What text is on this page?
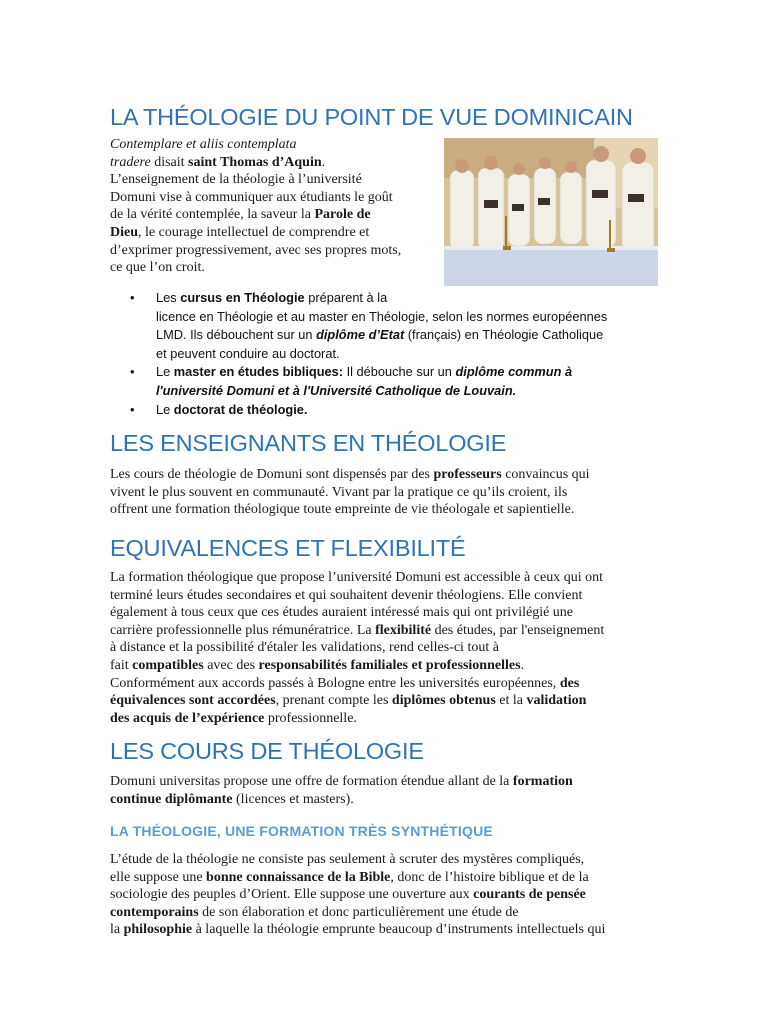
LA THÉOLOGIE DU POINT DE VUE DOMINICAIN

Contemplare et aliis contemplata

tradere disait saint Thomas d’Aquin.

L’enseignement de la théologie à l’université

Domuni vise à communiquer aux étudiants le goût

de la vérité contemplée, la saveur la Parole de

Dieu, le courage intellectuel de comprendre et

d’exprimer progressivement, avec ses propres mots,

ce que l’on croit.

• Les cursus en Théologie préparent à la
licence en Théologie et au master en Théologie, selon les normes européennes
LMD. Ils débouchent sur un diplôme d’Etat (français) en Théologie Catholique
et peuvent conduire au doctorat.
• Le master en études bibliques: Il débouche sur un diplôme commun à
l'université Domuni et à l'Université Catholique de Louvain.
• Le doctorat de théologie.
LES ENSEIGNANTS EN THÉOLOGIE

Les cours de théologie de Domuni sont dispensés par des professeurs convaincus qui

vivent le plus souvent en communauté. Vivant par la pratique ce qu’ils croient, ils

offrent une formation théologique toute empreinte de vie théologale et sapientielle.

EQUIVALENCES ET FLEXIBILITÉ

La formation théologique que propose l’université Domuni est accessible à ceux qui ont

terminé leurs études secondaires et qui souhaitent devenir théologiens. Elle convient

également à tous ceux que ces études auraient intéressé mais qui ont privilégié une

carrière professionnelle plus rémunératrice. La flexibilité des études, par l'enseignement

à distance et la possibilité d'étaler les validations, rend celles-ci tout à

fait compatibles avec des responsabilités familiales et professionnelles.

Conformément aux accords passés à Bologne entre les universités européennes, des

équivalences sont accordées, prenant compte les diplômes obtenus et la validation

des acquis de l’expérience professionnelle.

LES COURS DE THÉOLOGIE

Domuni universitas propose une offre de formation étendue allant de la formation

continue diplômante (licences et masters).

LA THÉOLOGIE, UNE FORMATION TRÈS SYNTHÉTIQUE

L’étude de la théologie ne consiste pas seulement à scruter des mystères compliqués,

elle suppose une bonne connaissance de la Bible, donc de l’histoire biblique et de la

sociologie des peuples d’Orient. Elle suppose une ouverture aux courants de pensée

contemporains de son élaboration et donc particulièrement une étude de

la philosophie à laquelle la théologie emprunte beaucoup d’instruments intellectuels qui
